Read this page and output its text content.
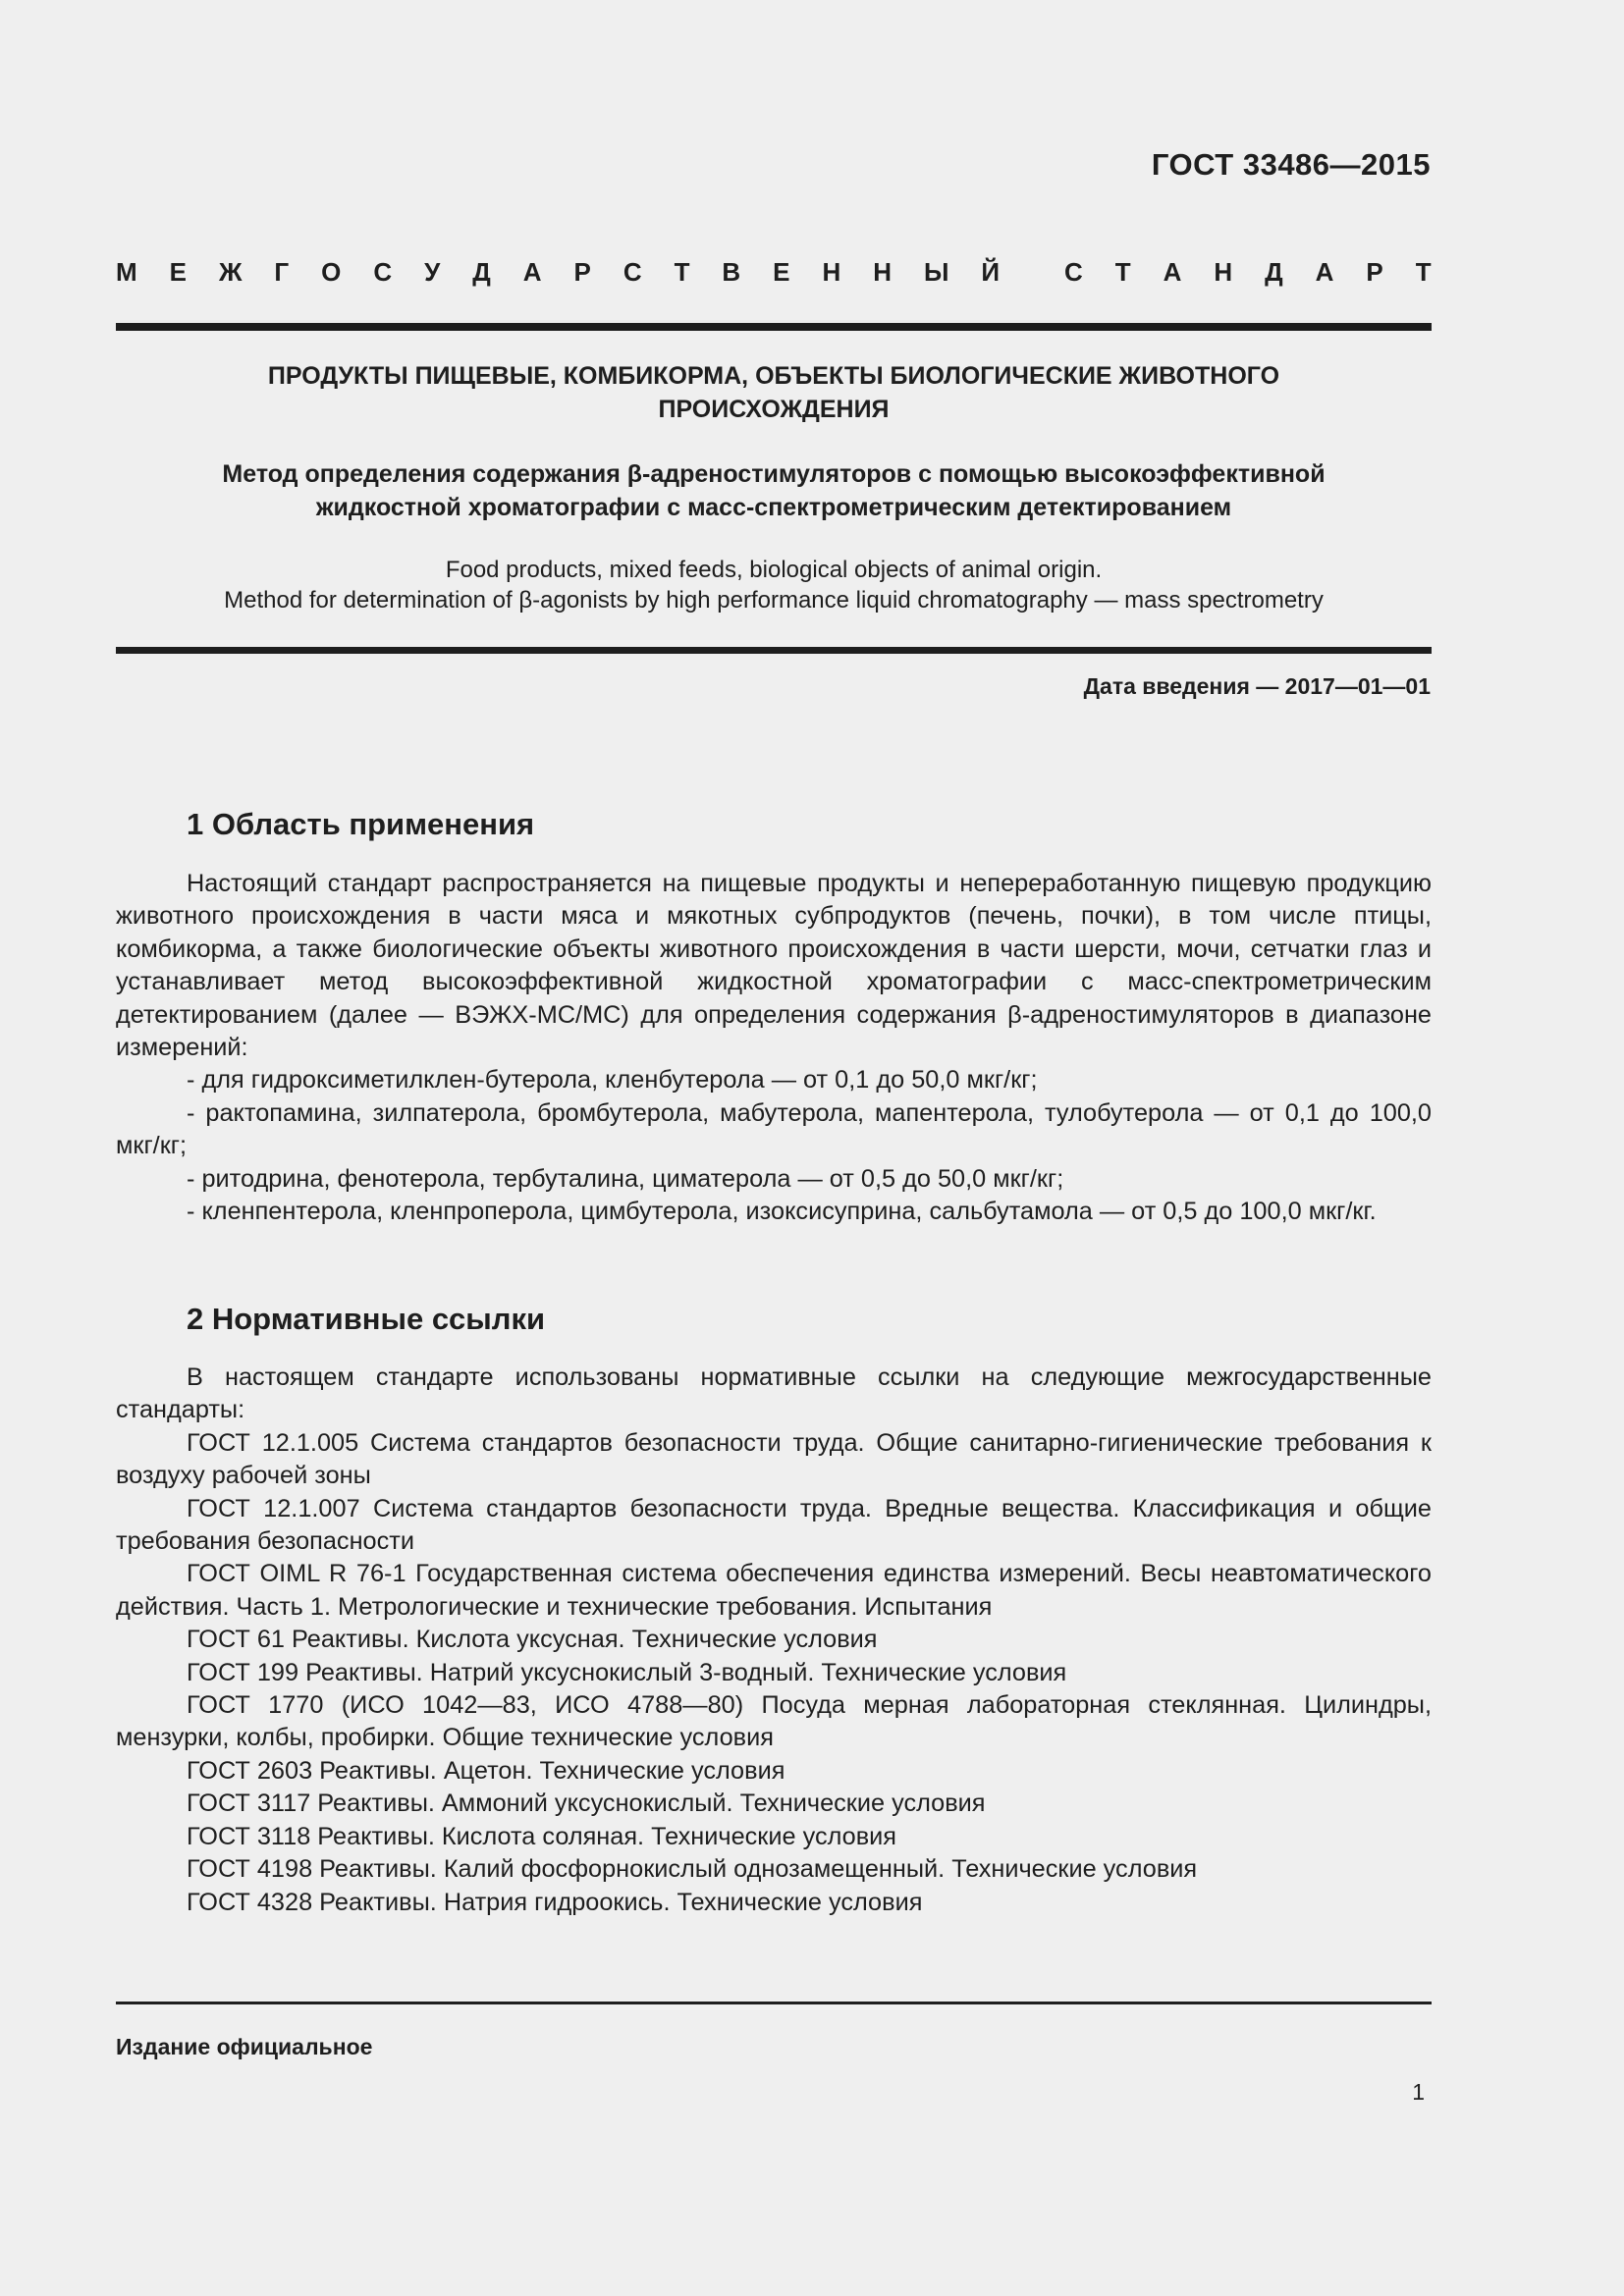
ГОСТ 33486—2015
М Е Ж Г О С У Д А Р С Т В Е Н Н Ы Й	С Т А Н Д А Р Т
ПРОДУКТЫ ПИЩЕВЫЕ, КОМБИКОРМА, ОБЪЕКТЫ БИОЛОГИЧЕСКИЕ ЖИВОТНОГО
ПРОИСХОЖДЕНИЯ
Метод определения содержания β-адреностимуляторов с помощью высокоэффективной
жидкостной хроматографии с масс-спектрометрическим детектированием
Food products, mixed feeds, biological objects of animal origin.
Method for determination of β-agonists by high performance liquid chromatography — mass spectrometry
Дата введения — 2017—01—01
1 Область применения

Настоящий стандарт распространяется на пищевые продукты и непереработанную пищевую продукцию животного происхождения в части мяса и мякотных субпродуктов (печень, почки), в том числе птицы, комбикорма, а также биологические объекты животного происхождения в части шерсти, мочи, сетчатки глаз и устанавливает метод высокоэффективной жидкостной хроматографии с масс-спектрометрическим детектированием (далее — ВЭЖХ-МС/МС) для определения содержания β-адреностимуляторов в диапазоне измерений:

- для гидроксиметилклен-бутерола, кленбутерола — от 0,1 до 50,0 мкг/кг;

- рактопамина, зилпатерола, бромбутерола, мабутерола, мапентерола, тулобутерола — от 0,1 до 100,0 мкг/кг;

- ритодрина, фенотерола, тербуталина, циматерола — от 0,5 до 50,0 мкг/кг;

- кленпентерола, кленпроперола, цимбутерола, изоксисуприна, сальбутамола — от 0,5 до 100,0 мкг/кг.

2 Нормативные ссылки

В настоящем стандарте использованы нормативные ссылки на следующие межгосударственные стандарты:

ГОСТ 12.1.005 Система стандартов безопасности труда. Общие санитарно-гигиенические требования к воздуху рабочей зоны

ГОСТ 12.1.007 Система стандартов безопасности труда. Вредные вещества. Классификация и общие требования безопасности

ГОСТ OIML R 76-1 Государственная система обеспечения единства измерений. Весы неавтоматического действия. Часть 1. Метрологические и технические требования. Испытания

ГОСТ 61 Реактивы. Кислота уксусная. Технические условия

ГОСТ 199 Реактивы. Натрий уксуснокислый 3-водный. Технические условия

ГОСТ 1770 (ИСО 1042—83, ИСО 4788—80) Посуда мерная лабораторная стеклянная. Цилиндры, мензурки, колбы, пробирки. Общие технические условия

ГОСТ 2603 Реактивы. Ацетон. Технические условия

ГОСТ 3117 Реактивы. Аммоний уксуснокислый. Технические условия

ГОСТ 3118 Реактивы. Кислота соляная. Технические условия

ГОСТ 4198 Реактивы. Калий фосфорнокислый однозамещенный. Технические условия

ГОСТ 4328 Реактивы. Натрия гидроокись. Технические условия

Издание официальное
1
